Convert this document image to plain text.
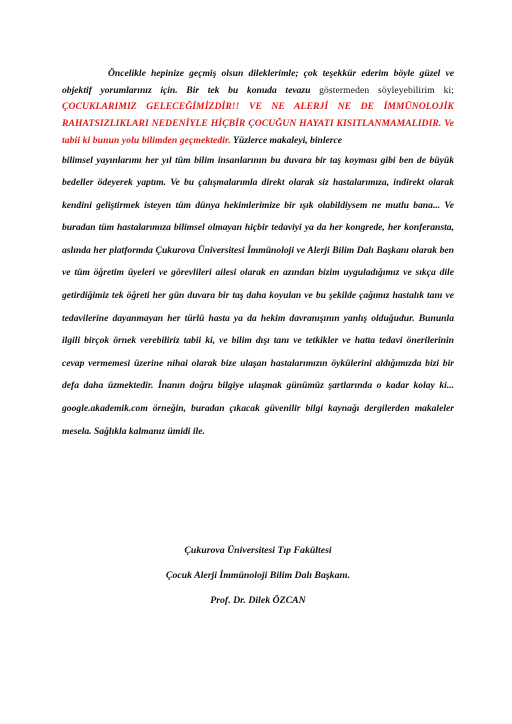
Öncelikle hepinize geçmiş olsun dileklerimle; çok teşekkür ederim böyle güzel ve objektif yorumlarınız için. Bir tek bu konuda tevazu göstermeden söyleyebilirim ki; ÇOCUKLARIMIZ GELECEĞİMİZDİR!! VE NE ALERJİ NE DE İMMÜNOLOJİK RAHATSIZLIKLARI NEDENİYLE HİÇBİR ÇOCUĞUN HAYATI KISITLANMAMALIDIR. Ve tabii ki bunun yolu bilimden geçmektedir. Yüzlerce makaleyi, binlerce

bilimsel yayınlarımı her yıl tüm bilim insanlarının bu duvara bir taş koyması gibi ben de büyük bedeller ödeyerek yaptım. Ve bu çalışmalarımla direkt olarak siz hastalarımıza, indirekt olarak kendini geliştirmek isteyen tüm dünya hekimlerimize bir ışık olabildiysem ne mutlu bana... Ve buradan tüm hastalarımıza bilimsel olmayan hiçbir tedaviyi ya da her kongrede, her konferansta, aslında her platformda Çukurova Üniversitesi İmmünoloji ve Alerji Bilim Dalı Başkanı olarak ben ve tüm öğretim üyeleri ve görevlileri ailesi olarak en azından bizim uyguladığımız ve sıkça dile getirdiğimiz tek öğreti her gün duvara bir taş daha koyulan ve bu şekilde çağımız hastalık tanı ve tedavilerine dayanmayan her türlü hasta ya da hekim davranışının yanlış olduğudur. Bununla ilgili birçok örnek verebiliriz tabii ki, ve bilim dışı tanı ve tetkikler ve hatta tedavi önerilerinin cevap vermemesi üzerine nihai olarak bize ulaşan hastalarımızın öykülerini aldığımızda bizi bir defa daha üzmektedir. İnanın doğru bilgiye ulaşmak günümüz şartlarında o kadar kolay ki... google.akademik.com örneğin, buradan çıkacak güvenilir bilgi kaynağı dergilerden makaleler mesela. Sağlıkla kalmanız ümidi ile.

Çukurova Üniversitesi Tıp Fakültesi

Çocuk Alerji İmmünoloji Bilim Dalı Başkanı.

Prof. Dr. Dilek ÖZCAN
